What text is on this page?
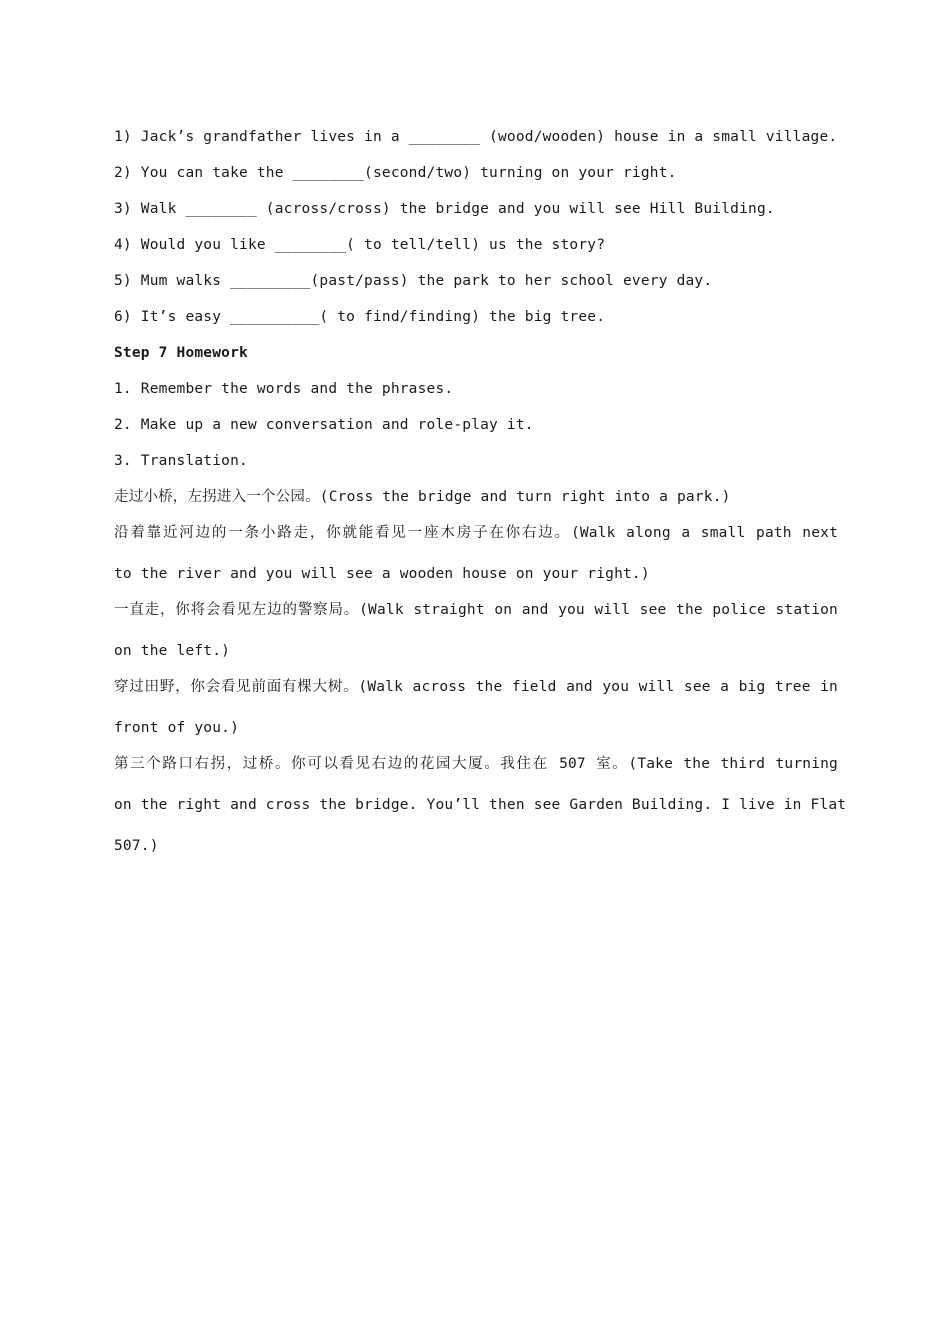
1) Jack’s grandfather lives in a ________ (wood/wooden) house in a small village.
2) You can take the ________(second/two) turning on your right.
3) Walk ________ (across/cross) the bridge and you will see Hill Building.
4) Would you like ________( to tell/tell) us the story?
5) Mum walks _________(past/pass) the park to her school every day.
6) It’s easy __________( to find/finding) the big tree.
Step 7 Homework
1. Remember the words and the phrases.
2. Make up a new conversation and role-play it.
3. Translation.
走过小桥，左拐进入一个公园。(Cross the bridge and turn right into a park.)
沿着靠近河边的一条小路走，你就能看见一座木房子在你右边。(Walk along a small path next
to the river and you will see a wooden house on your right.)
一直走，你将会看见左边的警察局。(Walk straight on and you will see the police station
on the left.)
穿过田野，你会看见前面有棵大树。(Walk across the field and you will see a big tree in
front of you.)
第三个路口右拐，过桥。你可以看见右边的花园大厦。我住在 507 室。(Take the third turning
on the right and cross the bridge. You’ll then see Garden Building. I live in Flat
507.)
